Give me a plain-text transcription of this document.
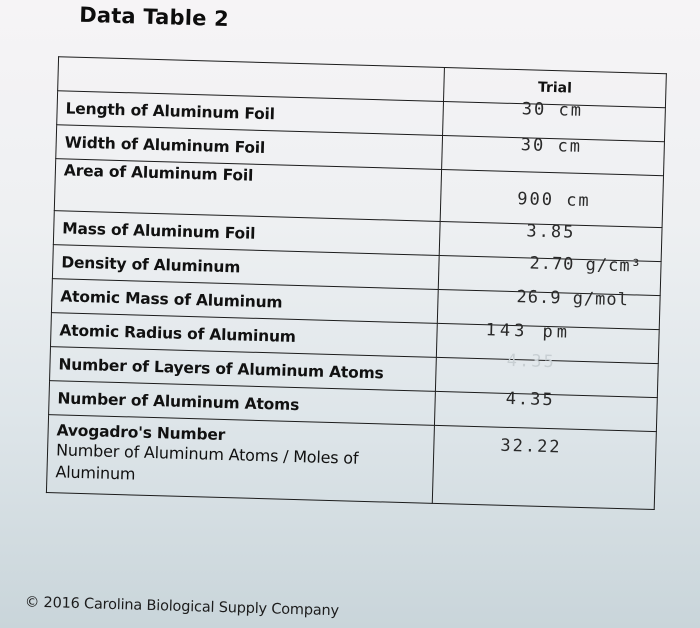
Data Table 2
	Trial
Length of Aluminum Foil	30 cm
Width of Aluminum Foil	30 cm
Area of Aluminum Foil	900 cm
Mass of Aluminum Foil	3.85
Density of Aluminum	2.70 g/cm³
Atomic Mass of Aluminum	26.9 g/mol
Atomic Radius of Aluminum	143 pm
Number of Layers of Aluminum Atoms	4.35
Number of Aluminum Atoms	4.35

Avogadro's Number
Number of Aluminum Atoms / Moles of Aluminum	32.22
© 2016 Carolina Biological Supply Company
